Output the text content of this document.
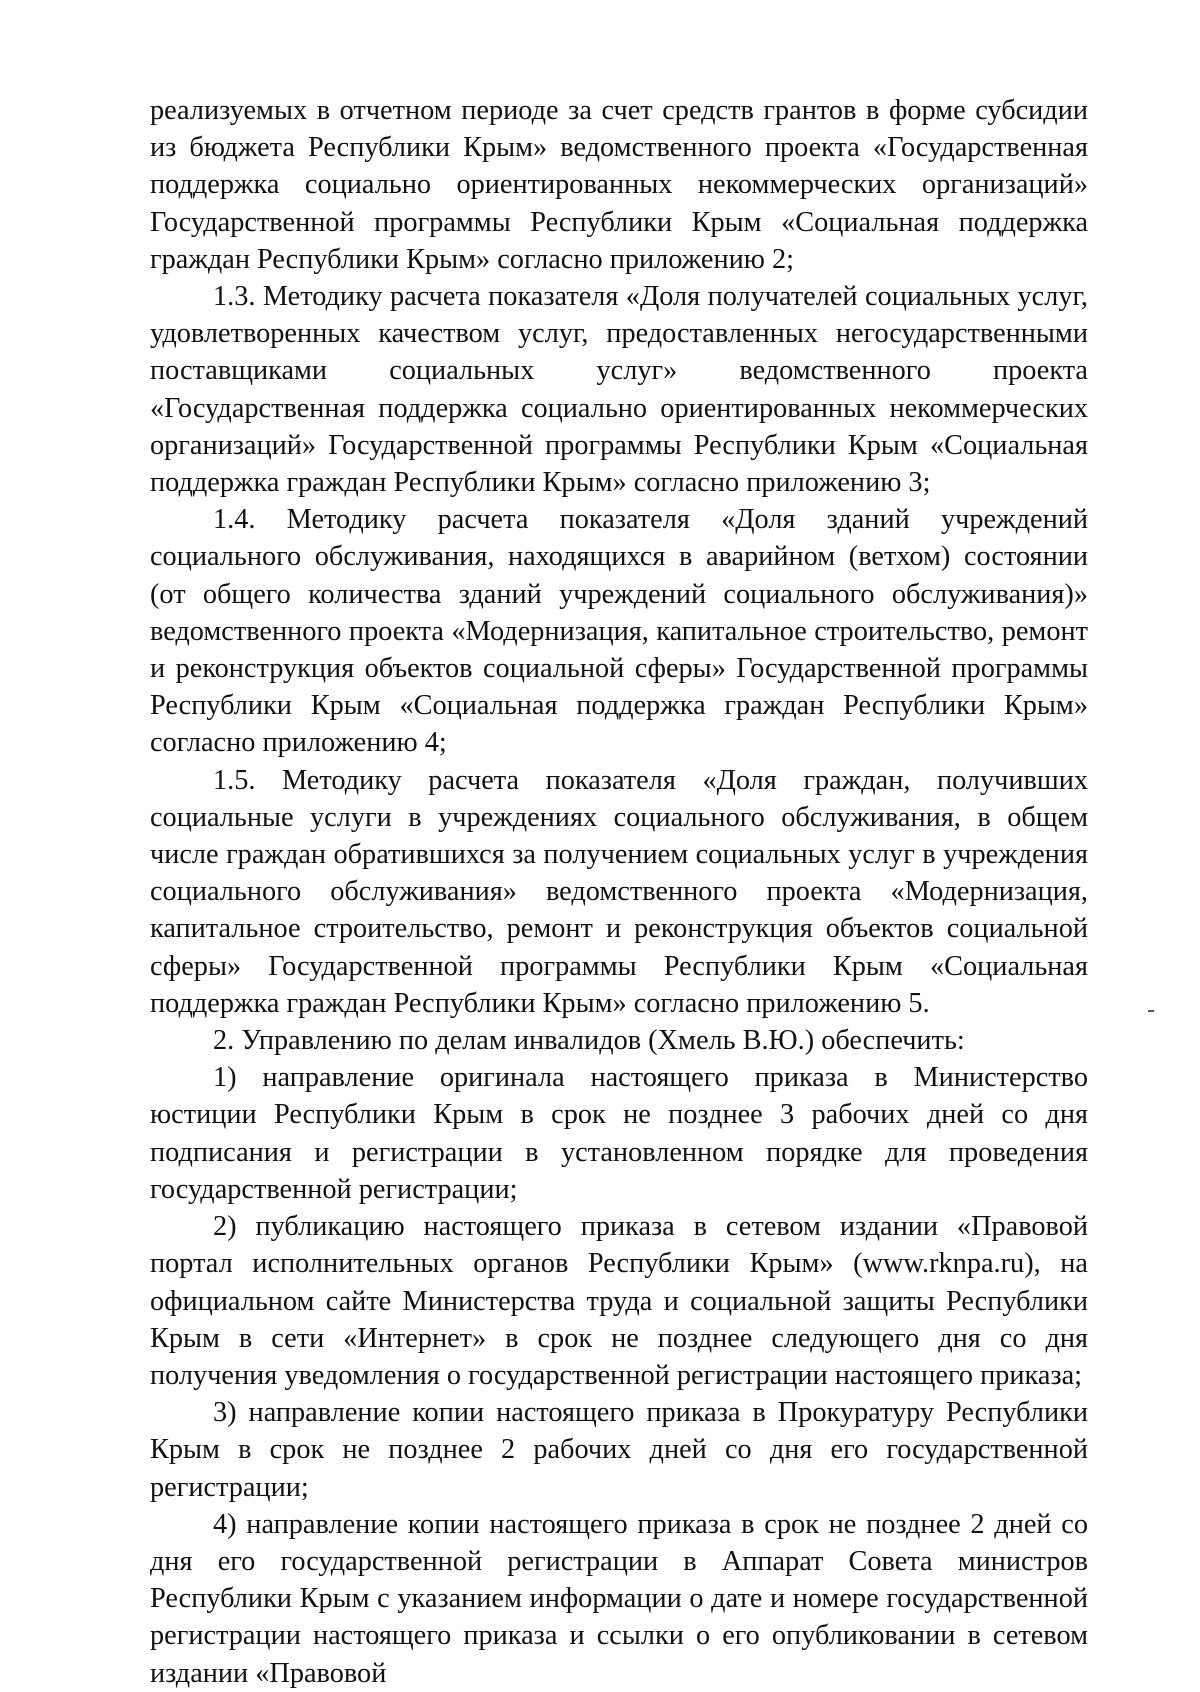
реализуемых в отчетном периоде за счет средств грантов в форме субсидии из бюджета Республики Крым» ведомственного проекта «Государственная поддержка социально ориентированных некоммерческих организаций» Государственной программы Республики Крым «Социальная поддержка граждан Республики Крым» согласно приложению 2;

1.3. Методику расчета показателя «Доля получателей социальных услуг, удовлетворенных качеством услуг, предоставленных негосударственными поставщиками социальных услуг» ведомственного проекта «Государственная поддержка социально ориентированных некоммерческих организаций» Государственной программы Республики Крым «Социальная поддержка граждан Республики Крым» согласно приложению 3;

1.4. Методику расчета показателя «Доля зданий учреждений социального обслуживания, находящихся в аварийном (ветхом) состоянии (от общего количества зданий учреждений социального обслуживания)» ведомственного проекта «Модернизация, капитальное строительство, ремонт и реконструкция объектов социальной сферы» Государственной программы Республики Крым «Социальная поддержка граждан Республики Крым» согласно приложению 4;

1.5. Методику расчета показателя «Доля граждан, получивших социальные услуги в учреждениях социального обслуживания, в общем числе граждан обратившихся за получением социальных услуг в учреждения социального обслуживания» ведомственного проекта «Модернизация, капитальное строительство, ремонт и реконструкция объектов социальной сферы» Государственной программы Республики Крым «Социальная поддержка граждан Республики Крым» согласно приложению 5.

2. Управлению по делам инвалидов (Хмель В.Ю.) обеспечить:

1) направление оригинала настоящего приказа в Министерство юстиции Республики Крым в срок не позднее 3 рабочих дней со дня подписания и регистрации в установленном порядке для проведения государственной регистрации;

2) публикацию настоящего приказа в сетевом издании «Правовой портал исполнительных органов Республики Крым» (www.rknpa.ru), на официальном сайте Министерства труда и социальной защиты Республики Крым в сети «Интернет» в срок не позднее следующего дня со дня получения уведомления о государственной регистрации настоящего приказа;

3) направление копии настоящего приказа в Прокуратуру Республики Крым в срок не позднее 2 рабочих дней со дня его государственной регистрации;

4) направление копии настоящего приказа в срок не позднее 2 дней со дня его государственной регистрации в Аппарат Совета министров Республики Крым с указанием информации о дате и номере государственной регистрации настоящего приказа и ссылки о его опубликовании в сетевом издании «Правовой
